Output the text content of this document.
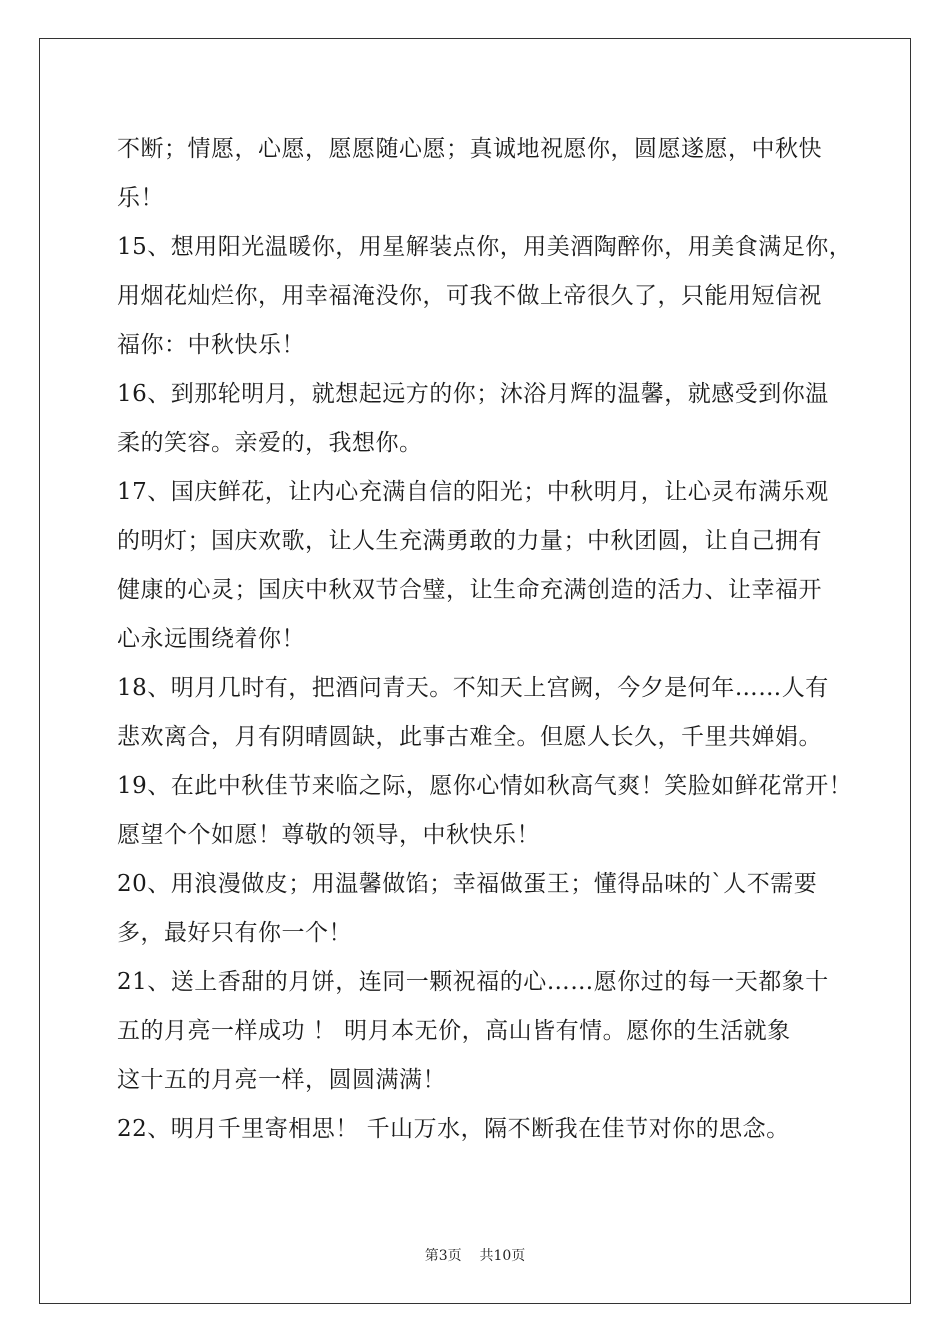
不断；情愿，心愿，愿愿随心愿；真诚地祝愿你，圆愿遂愿，中秋快
乐！
15、想用阳光温暖你，用星解装点你，用美酒陶醉你，用美食满足你，
用烟花灿烂你，用幸福淹没你，可我不做上帝很久了，只能用短信祝
福你：中秋快乐！
16、到那轮明月，就想起远方的你；沐浴月辉的温馨，就感受到你温
柔的笑容。亲爱的，我想你。
17、国庆鲜花，让内心充满自信的阳光；中秋明月，让心灵布满乐观
的明灯；国庆欢歌，让人生充满勇敢的力量；中秋团圆，让自己拥有
健康的心灵；国庆中秋双节合璧，让生命充满创造的活力、让幸福开
心永远围绕着你！
18、明月几时有，把酒问青天。不知天上宫阙，今夕是何年……人有
悲欢离合，月有阴晴圆缺，此事古难全。但愿人长久，千里共婵娟。
19、在此中秋佳节来临之际，愿你心情如秋高气爽！笑脸如鲜花常开！
愿望个个如愿！尊敬的领导，中秋快乐！
20、用浪漫做皮；用温馨做馅；幸福做蛋王；懂得品味的`人不需要
多，最好只有你一个！
21、送上香甜的月饼，连同一颗祝福的心……愿你过的每一天都象十
五的月亮一样成功 ！ 明月本无价，高山皆有情。愿你的生活就象
这十五的月亮一样，圆圆满满！
22、明月千里寄相思！ 千山万水，隔不断我在佳节对你的思念。
第3页 共10页
